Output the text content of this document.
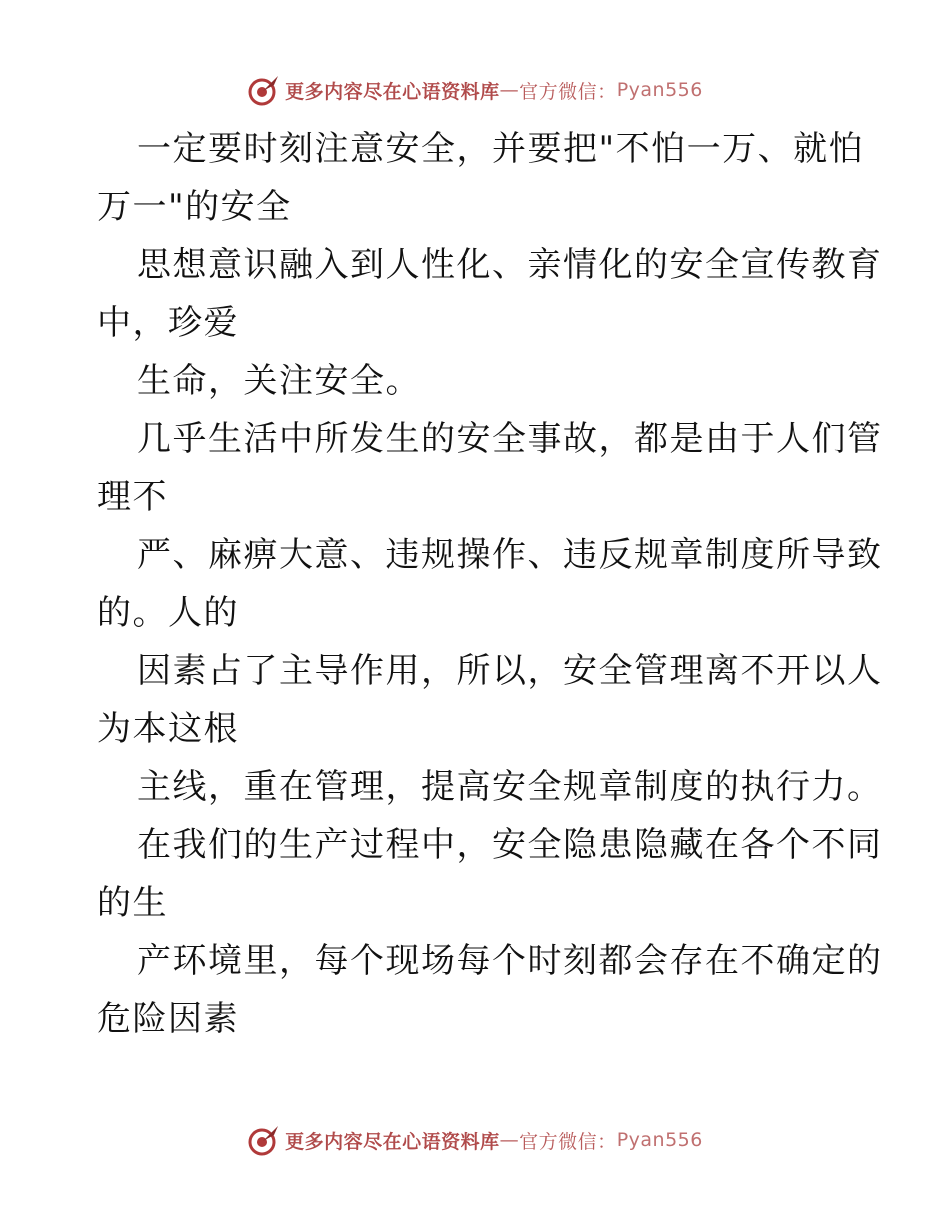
更多内容尽在心语资料库 — 官方微信： Pyan556
一定要时刻注意安全，并要把"不怕一万、就怕
万一"的安全
思想意识融入到人性化、亲情化的安全宣传教育
中，珍爱
生命，关注安全。
几乎生活中所发生的安全事故，都是由于人们管
理不
严、麻痹大意、违规操作、违反规章制度所导致
的。人的
因素占了主导作用，所以，安全管理离不开以人
为本这根
主线，重在管理，提高安全规章制度的执行力。
在我们的生产过程中，安全隐患隐藏在各个不同
的生
产环境里，每个现场每个时刻都会存在不确定的
危险因素
更多内容尽在心语资料库 — 官方微信： Pyan556
